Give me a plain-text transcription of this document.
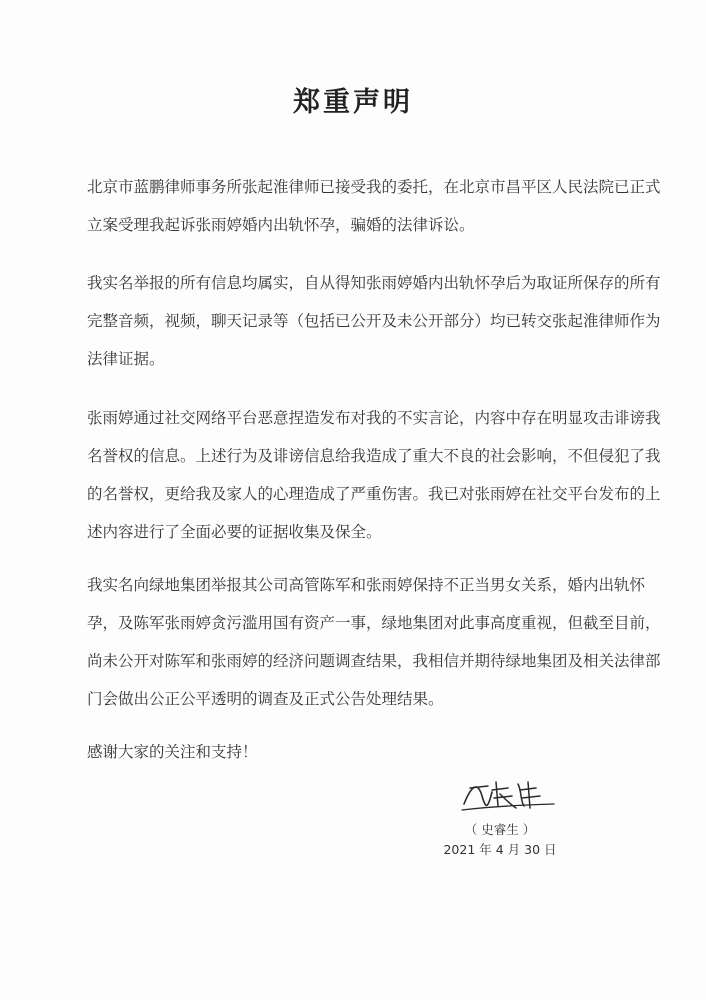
郑重声明
北京市蓝鹏律师事务所张起淮律师已接受我的委托，在北京市昌平区人民法院已正式
立案受理我起诉张雨婷婚内出轨怀孕，骗婚的法律诉讼。
我实名举报的所有信息均属实，自从得知张雨婷婚内出轨怀孕后为取证所保存的所有
完整音频，视频，聊天记录等（包括已公开及未公开部分）均已转交张起淮律师作为
法律证据。
张雨婷通过社交网络平台恶意捏造发布对我的不实言论，内容中存在明显攻击诽谤我
名誉权的信息。上述行为及诽谤信息给我造成了重大不良的社会影响，不但侵犯了我
的名誉权，更给我及家人的心理造成了严重伤害。我已对张雨婷在社交平台发布的上
述内容进行了全面必要的证据收集及保全。
我实名向绿地集团举报其公司高管陈军和张雨婷保持不正当男女关系，婚内出轨怀
孕，及陈军张雨婷贪污滥用国有资产一事，绿地集团对此事高度重视，但截至目前，
尚未公开对陈军和张雨婷的经济问题调查结果，我相信并期待绿地集团及相关法律部
门会做出公正公平透明的调查及正式公告处理结果。
感谢大家的关注和支持！
（ 史睿生 ）
2021 年 4 月 30 日
